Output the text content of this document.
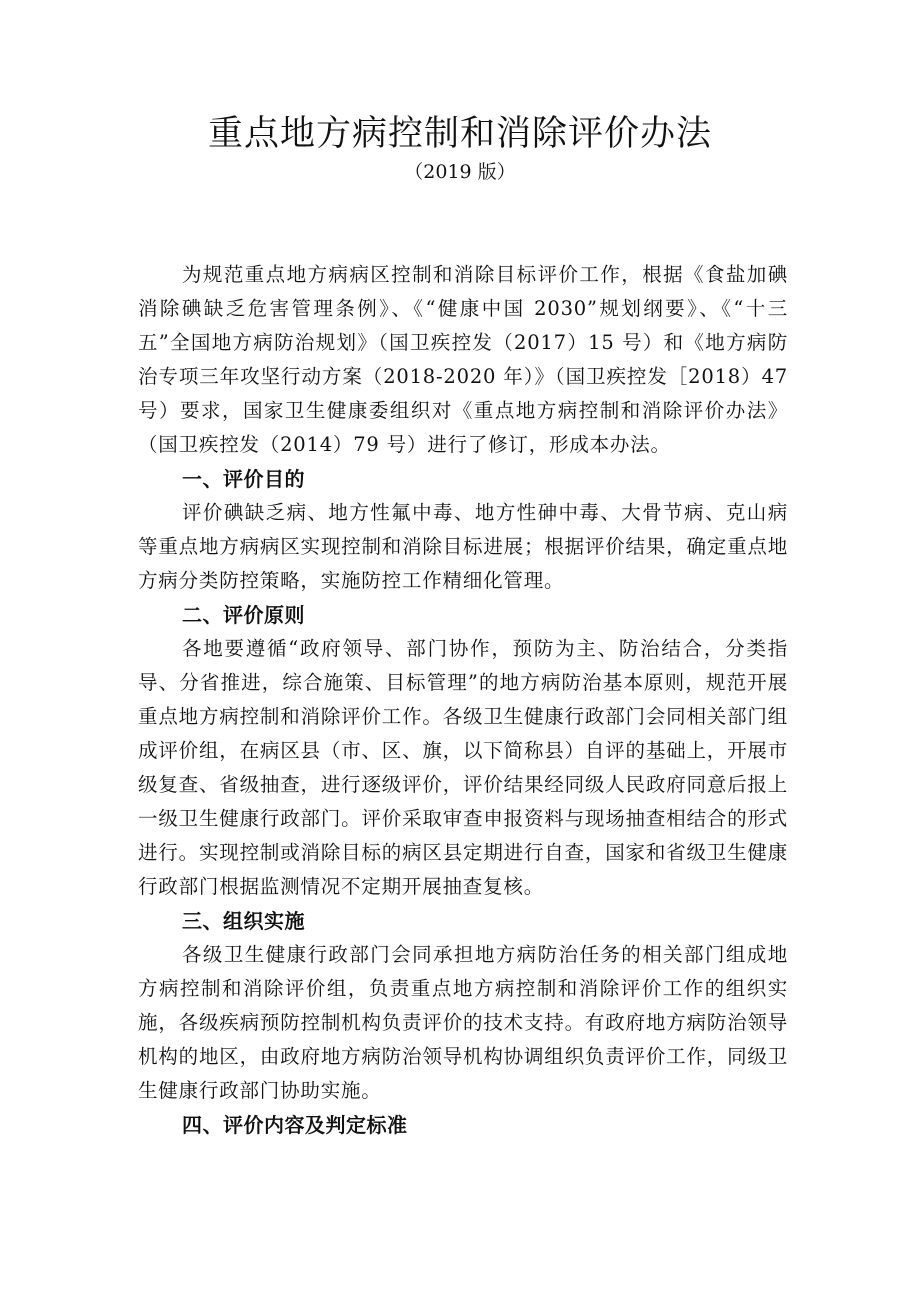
重点地方病控制和消除评价办法
（2019 版）

为规范重点地方病病区控制和消除目标评价工作，根据《食盐加碘消除碘缺乏危害管理条例》、《“健康中国 2030”规划纲要》、《“十三五”全国地方病防治规划》（国卫疾控发（2017）15 号）和《地方病防治专项三年攻坚行动方案（2018-2020 年）》（国卫疾控发［2018）47 号）要求，国家卫生健康委组织对《重点地方病控制和消除评价办法》（国卫疾控发（2014）79 号）进行了修订，形成本办法。

一、评价目的

评价碘缺乏病、地方性氟中毒、地方性砷中毒、大骨节病、克山病等重点地方病病区实现控制和消除目标进展；根据评价结果，确定重点地方病分类防控策略，实施防控工作精细化管理。

二、评价原则

各地要遵循“政府领导、部门协作，预防为主、防治结合，分类指导、分省推进，综合施策、目标管理”的地方病防治基本原则，规范开展重点地方病控制和消除评价工作。各级卫生健康行政部门会同相关部门组成评价组，在病区县（市、区、旗，以下简称县）自评的基础上，开展市级复查、省级抽查，进行逐级评价，评价结果经同级人民政府同意后报上一级卫生健康行政部门。评价采取审查申报资料与现场抽查相结合的形式进行。实现控制或消除目标的病区县定期进行自查，国家和省级卫生健康行政部门根据监测情况不定期开展抽查复核。

三、组织实施

各级卫生健康行政部门会同承担地方病防治任务的相关部门组成地方病控制和消除评价组，负责重点地方病控制和消除评价工作的组织实施，各级疾病预防控制机构负责评价的技术支持。有政府地方病防治领导机构的地区，由政府地方病防治领导机构协调组织负责评价工作，同级卫生健康行政部门协助实施。

四、评价内容及判定标准
